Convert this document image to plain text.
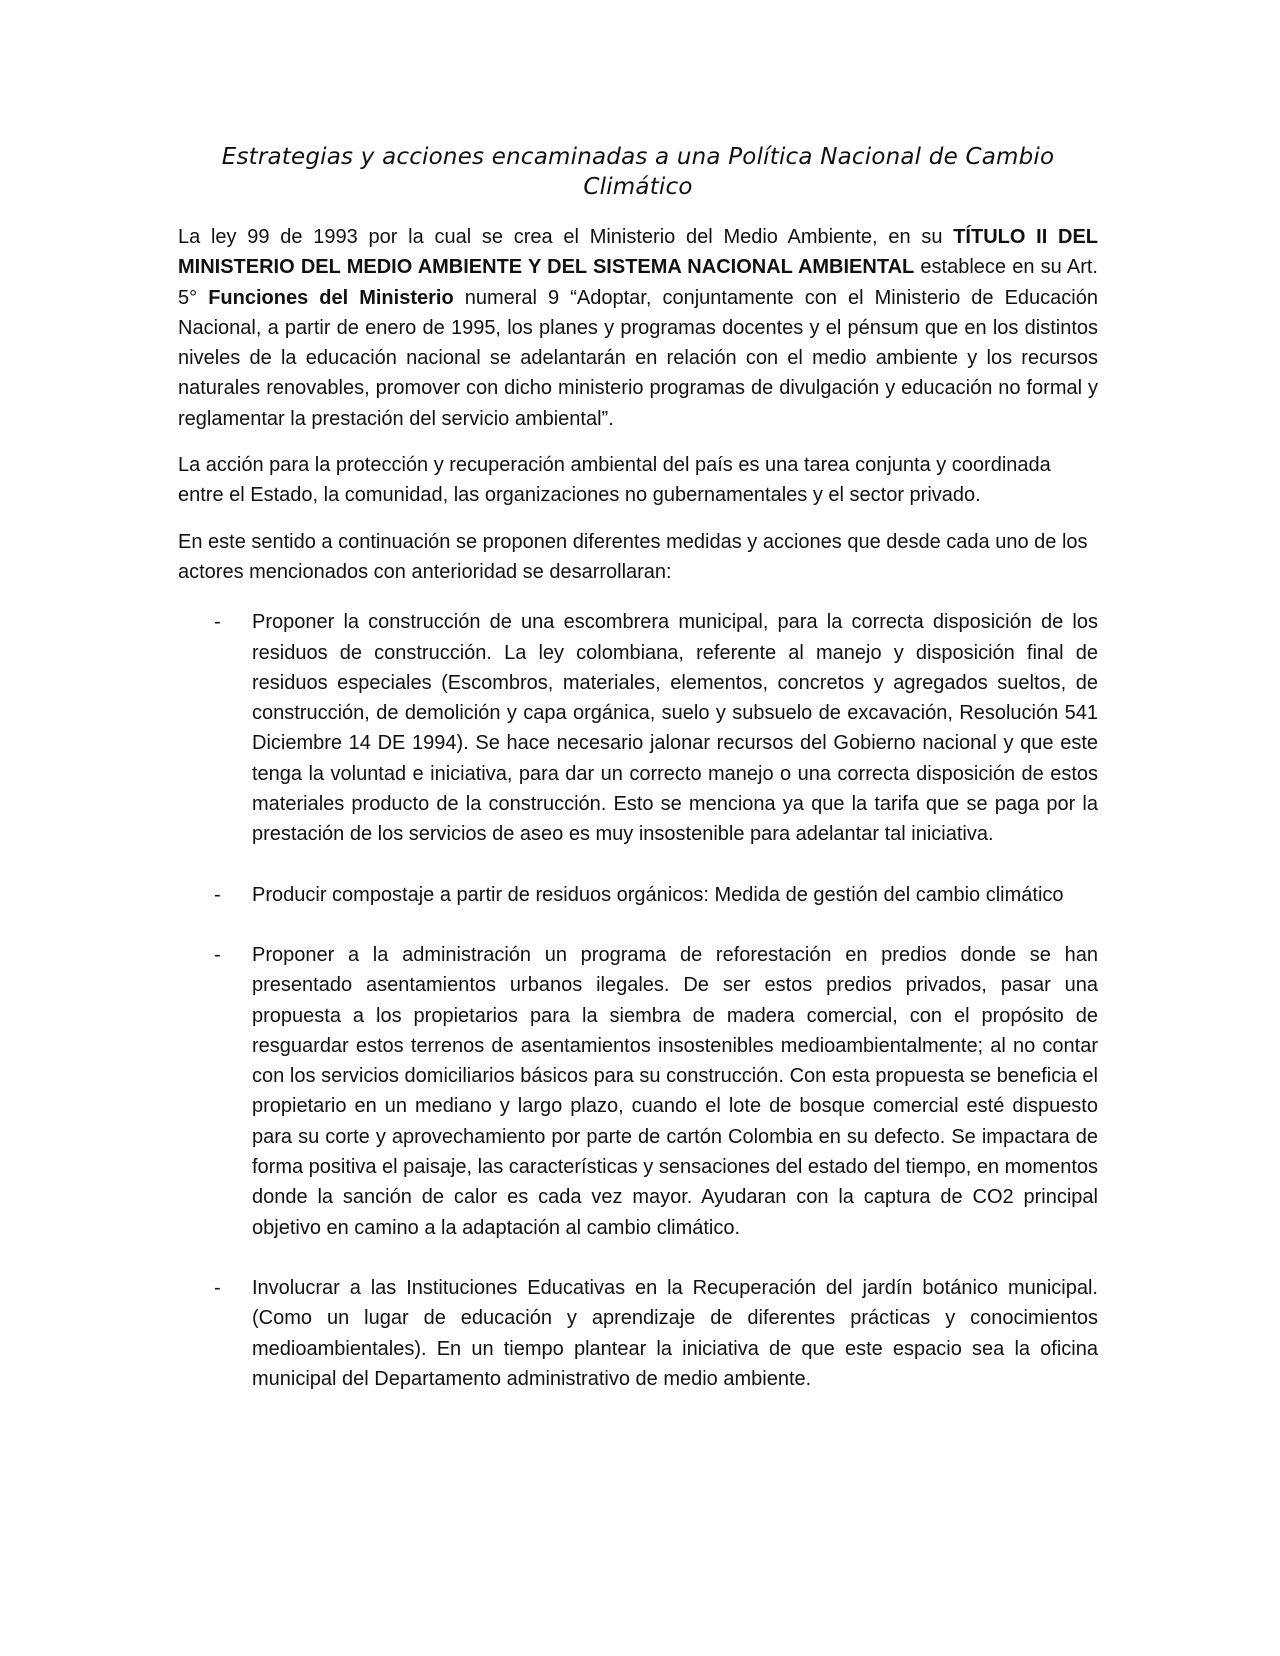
Estrategias y acciones encaminadas a una Política Nacional de Cambio Climático

La ley 99 de 1993 por la cual se crea el Ministerio del Medio Ambiente, en su TÍTULO II DEL MINISTERIO DEL MEDIO AMBIENTE Y DEL SISTEMA NACIONAL AMBIENTAL establece en su Art. 5° Funciones del Ministerio numeral 9 “Adoptar, conjuntamente con el Ministerio de Educación Nacional, a partir de enero de 1995, los planes y programas docentes y el pénsum que en los distintos niveles de la educación nacional se adelantarán en relación con el medio ambiente y los recursos naturales renovables, promover con dicho ministerio programas de divulgación y educación no formal y reglamentar la prestación del servicio ambiental”.

La acción para la protección y recuperación ambiental del país es una tarea conjunta y coordinada entre el Estado, la comunidad, las organizaciones no gubernamentales y el sector privado.

En este sentido a continuación se proponen diferentes medidas y acciones que desde cada uno de los actores mencionados con anterioridad se desarrollaran:

- Proponer la construcción de una escombrera municipal, para la correcta disposición de los residuos de construcción. La ley colombiana, referente al manejo y disposición final de residuos especiales (Escombros, materiales, elementos, concretos y agregados sueltos, de construcción, de demolición y capa orgánica, suelo y subsuelo de excavación, Resolución 541 Diciembre 14 DE 1994). Se hace necesario jalonar recursos del Gobierno nacional y que este tenga la voluntad e iniciativa, para dar un correcto manejo o una correcta disposición de estos materiales producto de la construcción. Esto se menciona ya que la tarifa que se paga por la prestación de los servicios de aseo es muy insostenible para adelantar tal iniciativa.

- Producir compostaje a partir de residuos orgánicos: Medida de gestión del cambio climático

- Proponer a la administración un programa de reforestación en predios donde se han presentado asentamientos urbanos ilegales. De ser estos predios privados, pasar una propuesta a los propietarios para la siembra de madera comercial, con el propósito de resguardar estos terrenos de asentamientos insostenibles medioambientalmente; al no contar con los servicios domiciliarios básicos para su construcción. Con esta propuesta se beneficia el propietario en un mediano y largo plazo, cuando el lote de bosque comercial esté dispuesto para su corte y aprovechamiento por parte de cartón Colombia en su defecto. Se impactara de forma positiva el paisaje, las características y sensaciones del estado del tiempo, en momentos donde la sanción de calor es cada vez mayor. Ayudaran con la captura de CO2 principal objetivo en camino a la adaptación al cambio climático.

- Involucrar a las Instituciones Educativas en la Recuperación del jardín botánico municipal. (Como un lugar de educación y aprendizaje de diferentes prácticas y conocimientos medioambientales). En un tiempo plantear la iniciativa de que este espacio sea la oficina municipal del Departamento administrativo de medio ambiente.
